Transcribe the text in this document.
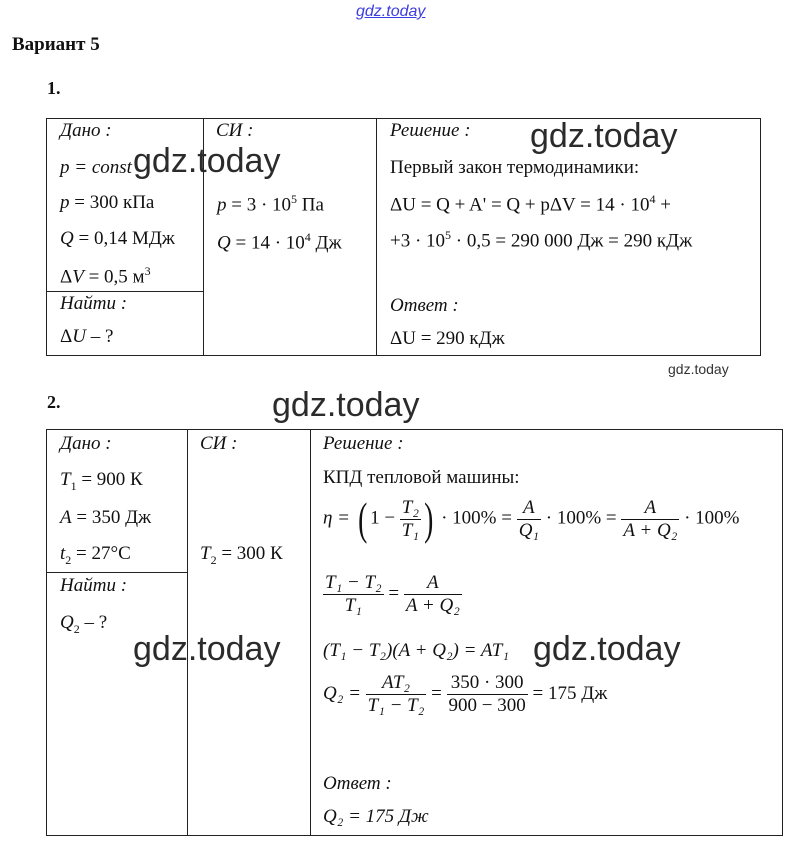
gdz.today
gdz.today
gdz.today
gdz.today
gdz.today
gdz.today	gdz.today
Вариант 5
1.
Дано :
p = const
p = 300 кПа
Q = 0,14 МДж
ΔV = 0,5 $м^3$
Найти :
ΔU – ?
СИ :
$p = 3 \cdot 10^5$ Па
$Q = 14 \cdot 10^4$ Дж
Решение :
Первый закон термодинамики:
$\Delta U = Q + A' = Q + p\Delta V = 14 \cdot 10^4$ +
$+3 \cdot 10^5 \cdot 0,5 = 290$ 000 Дж = 290 кДж
Ответ :
ΔU = 290 кДж
2.
Дано :
$T_1 = 900$ К
A = 350 Дж
$t_2 = 27^\circ C$
Найти :
$Q_2$ – ?
СИ :
$T_2 = 300$ К
Решение :
КПД тепловой машины:
η = ( $1 - \frac{\text{T₂}}{\text{T₁}}$ ) · $100\% = \frac{A}{\text{Q₁}} \cdot 100\% = \frac{A}{\text{A + Q₂}} \cdot 100\%$
$\frac{\text{T₁ − T₂}}{\text{T₁}} = \frac{A}{\text{A + Q₂}}$
(T₁ − T₂)(A + Q₂) = AT₁
$Q_2 = \frac{\text{AT₂}}{\text{T₁ − T₂}} = \frac{350 \cdot 300}{900 - 300} = 175$ Дж
Ответ :
Q₂ = 175 Дж
